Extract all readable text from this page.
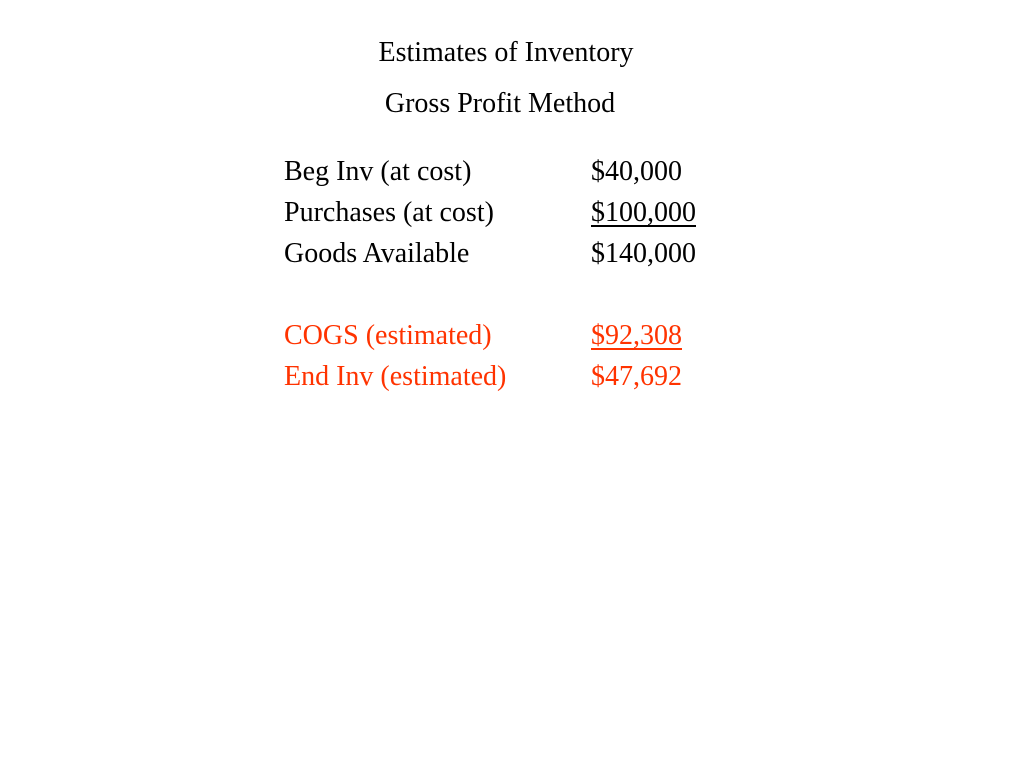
Estimates of Inventory
Gross Profit Method
Beg Inv (at cost)	$40,000
Purchases (at cost)	$100,000
Goods Available	$140,000
COGS (estimated)	$92,308
End Inv (estimated)	$47,692
